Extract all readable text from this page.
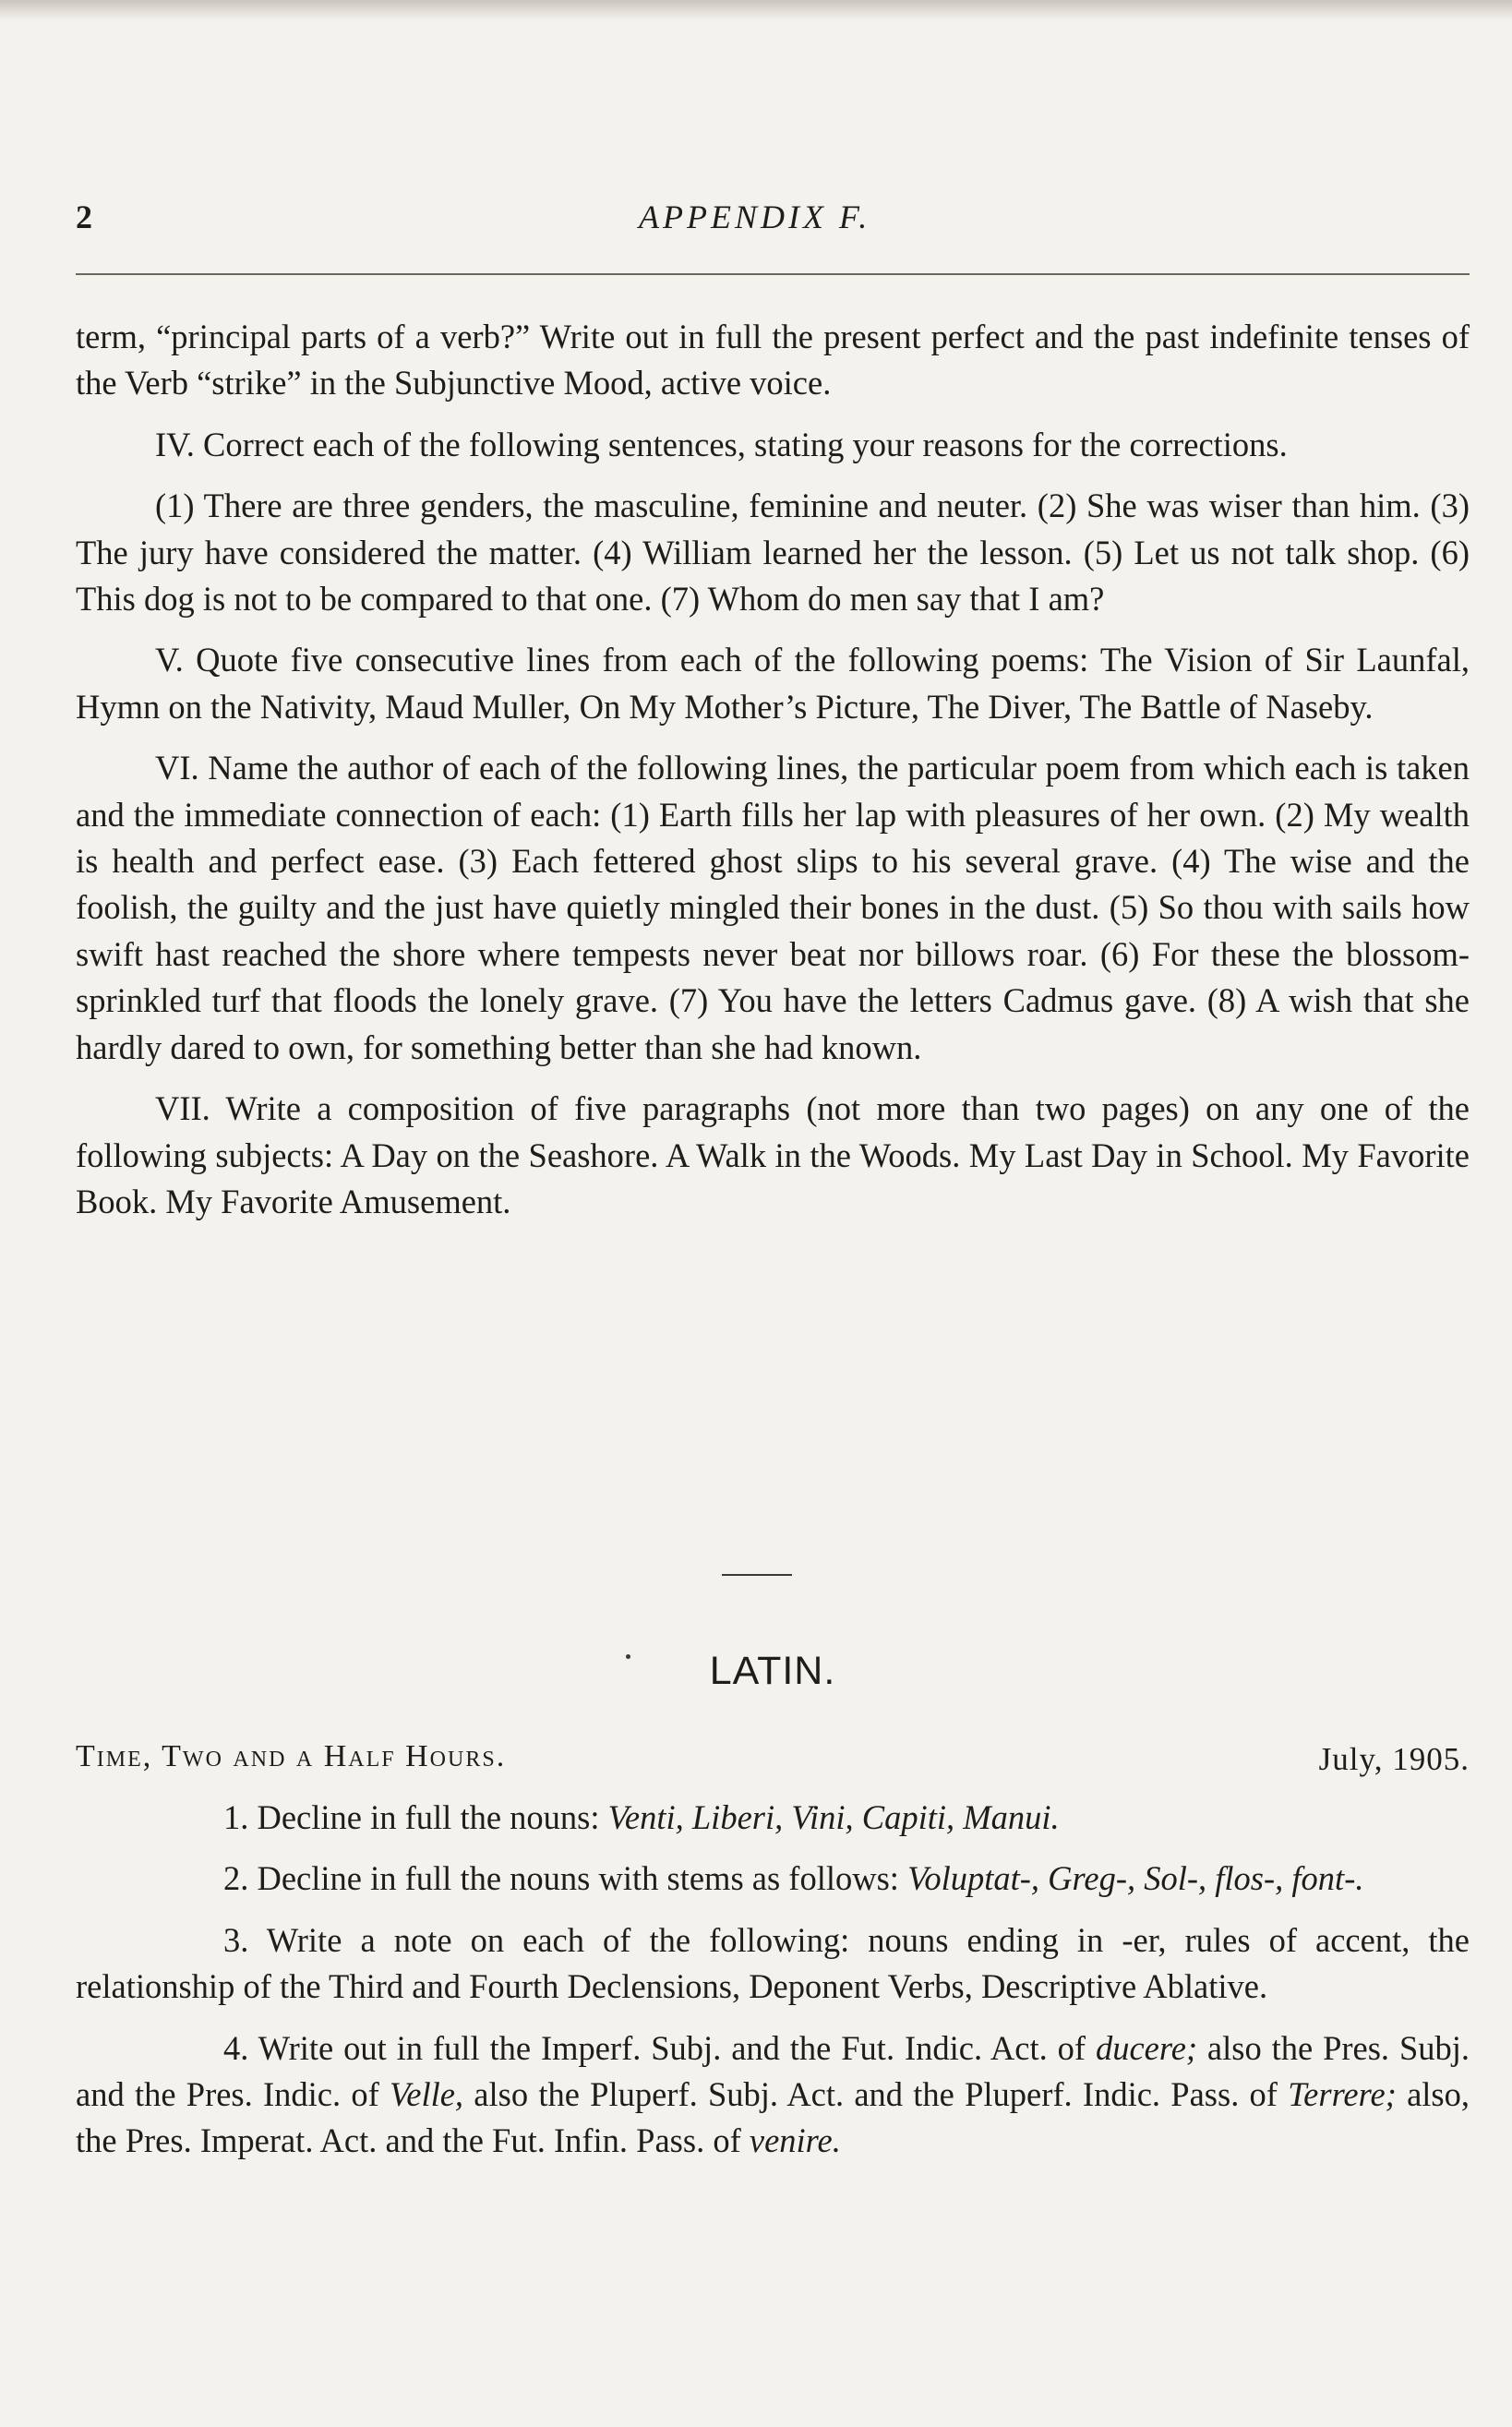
2	APPENDIX F.

term, “principal parts of a verb?” Write out in full the present perfect and the past indefinite tenses of the Verb “strike” in the Subjunctive Mood, active voice.

IV. Correct each of the following sentences, stating your reasons for the corrections.

(1) There are three genders, the masculine, feminine and neuter. (2) She was wiser than him. (3) The jury have considered the matter. (4) William learned her the lesson. (5) Let us not talk shop. (6) This dog is not to be compared to that one. (7) Whom do men say that I am?

V. Quote five consecutive lines from each of the following poems: The Vision of Sir Launfal, Hymn on the Nativity, Maud Muller, On My Mother’s Picture, The Diver, The Battle of Naseby.

VI. Name the author of each of the following lines, the particular poem from which each is taken and the immediate connection of each: (1) Earth fills her lap with pleasures of her own. (2) My wealth is health and perfect ease. (3) Each fettered ghost slips to his several grave. (4) The wise and the foolish, the guilty and the just have quietly mingled their bones in the dust. (5) So thou with sails how swift hast reached the shore where tempests never beat nor billows roar. (6) For these the blossom-sprinkled turf that floods the lonely grave. (7) You have the letters Cadmus gave. (8) A wish that she hardly dared to own, for something better than she had known.

VII. Write a composition of five paragraphs (not more than two pages) on any one of the following subjects: A Day on the Seashore. A Walk in the Woods. My Last Day in School. My Favorite Book. My Favorite Amusement.

LATIN.
Time, Two and a Half Hours.	July, 1905.

1. Decline in full the nouns: Venti, Liberi, Vini, Capiti, Manui.

2. Decline in full the nouns with stems as follows: Voluptat-, Greg-, Sol-, flos-, font-.

3. Write a note on each of the following: nouns ending in -er, rules of accent, the relationship of the Third and Fourth Declensions, Deponent Verbs, Descriptive Ablative.

4. Write out in full the Imperf. Subj. and the Fut. Indic. Act. of ducere; also the Pres. Subj. and the Pres. Indic. of Velle, also the Pluperf. Subj. Act. and the Pluperf. Indic. Pass. of Terrere; also, the Pres. Imperat. Act. and the Fut. Infin. Pass. of venire.
